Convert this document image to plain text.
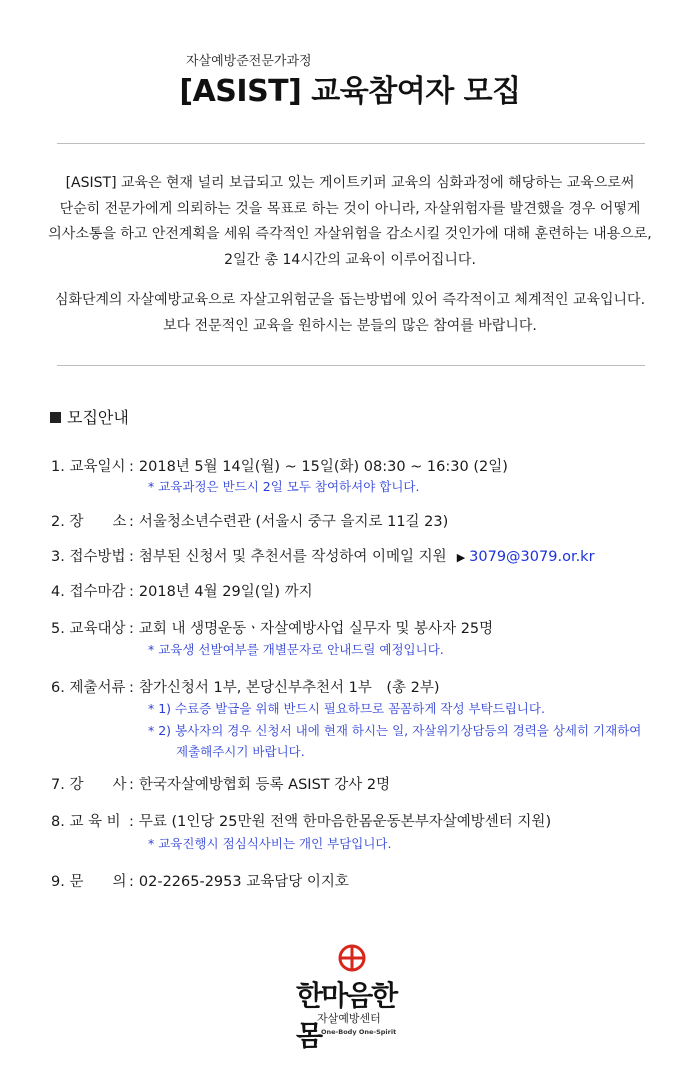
자살예방준전문가과정
[ASIST] 교육참여자 모집

[ASIST] 교육은 현재 널리 보급되고 있는 게이트키퍼 교육의 심화과정에 해당하는 교육으로써

단순히 전문가에게 의뢰하는 것을 목표로 하는 것이 아니라, 자살위험자를 발견했을 경우 어떻게

의사소통을 하고 안전계획을 세워 즉각적인 자살위험을 감소시킬 것인가에 대해 훈련하는 내용으로,

2일간 총 14시간의 교육이 이루어집니다.

심화단계의 자살예방교육으로 자살고위험군을 돕는방법에 있어 즉각적이고 체계적인 교육입니다.

보다 전문적인 교육을 원하시는 분들의 많은 참여를 바랍니다.

모집안내
1. 교육일시 : 2018년 5월 14일(월) ~ 15일(화) 08:30 ~ 16:30 (2일)
* 교육과정은 반드시 2일 모두 참여하셔야 합니다.
2. 장　　소 : 서울청소년수련관 (서울시 중구 을지로 11길 23)
3. 접수방법 : 첨부된 신청서 및 추천서를 작성하여 이메일 지원 ▶ 3079@3079.or.kr
4. 접수마감 : 2018년 4월 29일(일) 까지
5. 교육대상 : 교회 내 생명운동ㆍ자살예방사업 실무자 및 봉사자 25명
* 교육생 선발여부를 개별문자로 안내드릴 예정입니다.
6. 제출서류 : 참가신청서 1부, 본당신부추천서 1부　(총 2부)
* 1) 수료증 발급을 위해 반드시 필요하므로 꼼꼼하게 작성 부탁드립니다.
* 2) 봉사자의 경우 신청서 내에 현재 하시는 일, 자살위기상담등의 경력을 상세히 기재하여
제출해주시기 바랍니다.
7. 강　　사 : 한국자살예방협회 등록 ASIST 강사 2명
8. 교 육 비 : 무료 (1인당 25만원 전액 한마음한몸운동본부자살예방센터 지원)
* 교육진행시 점심식사비는 개인 부담입니다.
9. 문　　의 : 02-2265-2953 교육담당 이지호
한마음한몸
자살예방센터
One-Body One-Spirit
